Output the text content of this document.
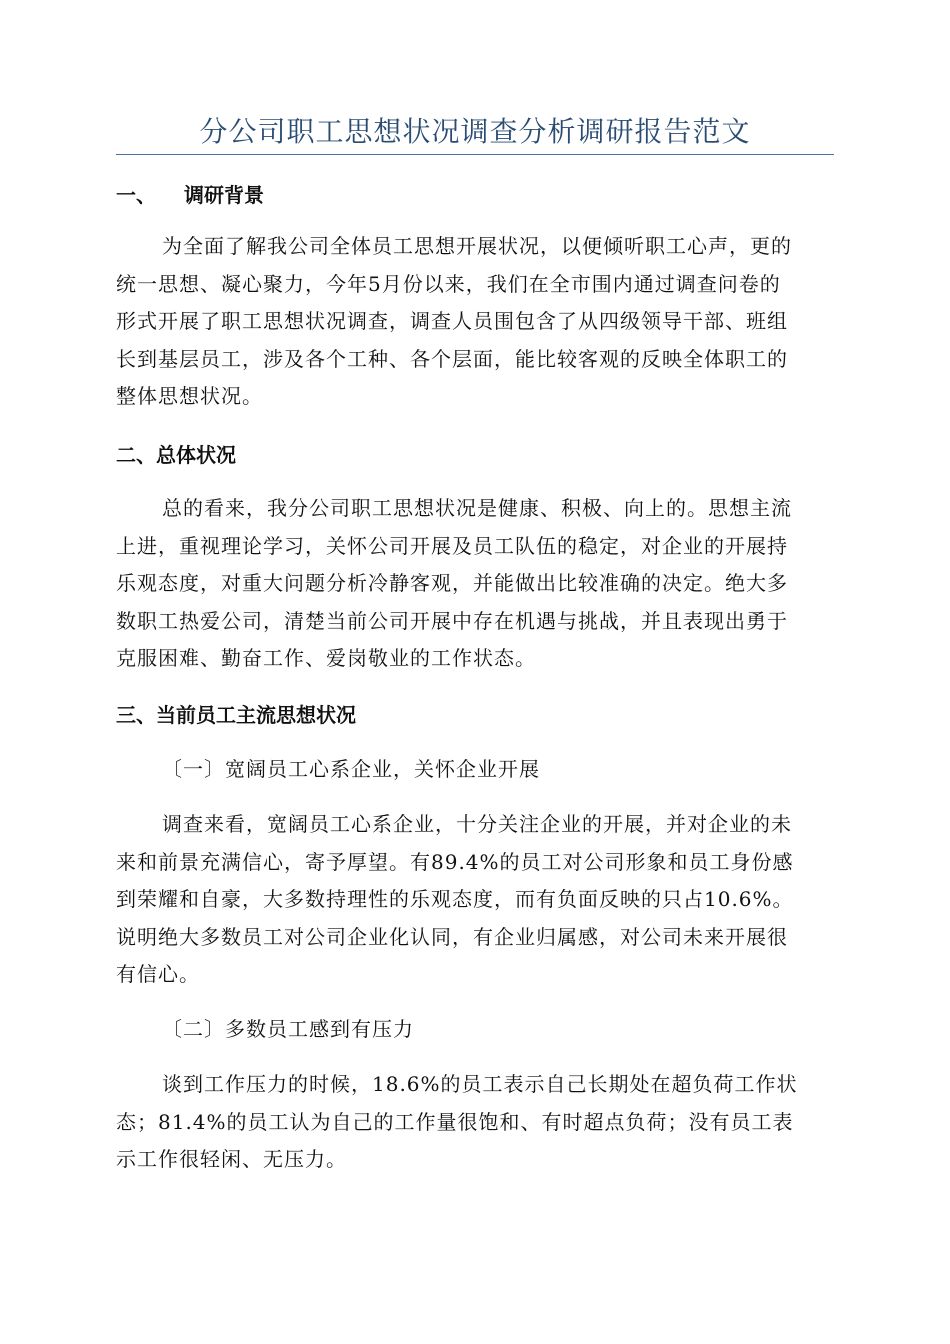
分公司职工思想状况调查分析调研报告范文
一、 调研背景
为全面了解我公司全体员工思想开展状况，以便倾听职工心声，更的
统一思想、凝心聚力，今年5月份以来，我们在全市围内通过调查问卷的
形式开展了职工思想状况调查，调查人员围包含了从四级领导干部、班组
长到基层员工，涉及各个工种、各个层面，能比较客观的反映全体职工的
整体思想状况。
二、总体状况
总的看来，我分公司职工思想状况是健康、积极、向上的。思想主流
上进，重视理论学习，关怀公司开展及员工队伍的稳定，对企业的开展持
乐观态度，对重大问题分析冷静客观，并能做出比较准确的决定。绝大多
数职工热爱公司，清楚当前公司开展中存在机遇与挑战，并且表现出勇于
克服困难、勤奋工作、爱岗敬业的工作状态。
三、当前员工主流思想状况
〔一〕宽阔员工心系企业，关怀企业开展
调查来看，宽阔员工心系企业，十分关注企业的开展，并对企业的未
来和前景充满信心，寄予厚望。有89.4%的员工对公司形象和员工身份感
到荣耀和自豪，大多数持理性的乐观态度，而有负面反映的只占10.6%。
说明绝大多数员工对公司企业化认同，有企业归属感，对公司未来开展很
有信心。
〔二〕多数员工感到有压力
谈到工作压力的时候，18.6%的员工表示自己长期处在超负荷工作状
态；81.4%的员工认为自己的工作量很饱和、有时超点负荷；没有员工表
示工作很轻闲、无压力。
